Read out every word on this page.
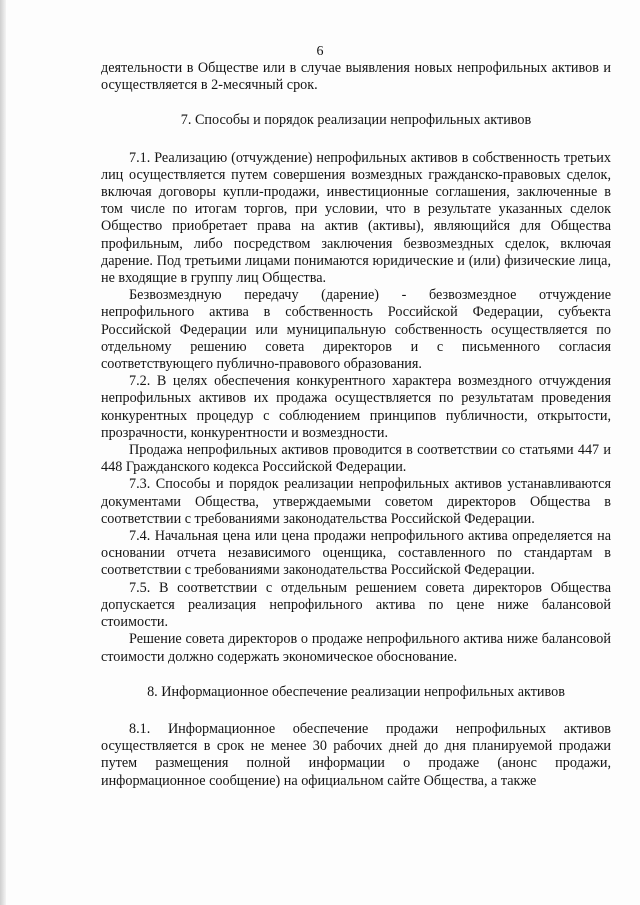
6

деятельности в Обществе или в случае выявления новых непрофильных активов и осуществляется в 2-месячный срок.

7. Способы и порядок реализации непрофильных активов

7.1. Реализацию (отчуждение) непрофильных активов в собственность третьих лиц осуществляется путем совершения возмездных гражданско-правовых сделок, включая договоры купли-продажи, инвестиционные соглашения, заключенные в том числе по итогам торгов, при условии, что в результате указанных сделок Общество приобретает права на актив (активы), являющийся для Общества профильным, либо посредством заключения безвозмездных сделок, включая дарение. Под третьими лицами понимаются юридические и (или) физические лица, не входящие в группу лиц Общества.

Безвозмездную передачу (дарение) - безвозмездное отчуждение непрофильного актива в собственность Российской Федерации, субъекта Российской Федерации или муниципальную собственность осуществляется по отдельному решению совета директоров и с письменного согласия соответствующего публично-правового образования.

7.2. В целях обеспечения конкурентного характера возмездного отчуждения непрофильных активов их продажа осуществляется по результатам проведения конкурентных процедур с соблюдением принципов публичности, открытости, прозрачности, конкурентности и возмездности.

Продажа непрофильных активов проводится в соответствии со статьями 447 и 448 Гражданского кодекса Российской Федерации.

7.3. Способы и порядок реализации непрофильных активов устанавливаются документами Общества, утверждаемыми советом директоров Общества в соответствии с требованиями законодательства Российской Федерации.

7.4. Начальная цена или цена продажи непрофильного актива определяется на основании отчета независимого оценщика, составленного по стандартам в соответствии с требованиями законодательства Российской Федерации.

7.5. В соответствии с отдельным решением совета директоров Общества допускается реализация непрофильного актива по цене ниже балансовой стоимости.

Решение совета директоров о продаже непрофильного актива ниже балансовой стоимости должно содержать экономическое обоснование.

8. Информационное обеспечение реализации непрофильных активов

8.1. Информационное обеспечение продажи непрофильных активов осуществляется в срок не менее 30 рабочих дней до дня планируемой продажи путем размещения полной информации о продаже (анонс продажи, информационное сообщение) на официальном сайте Общества, а также
